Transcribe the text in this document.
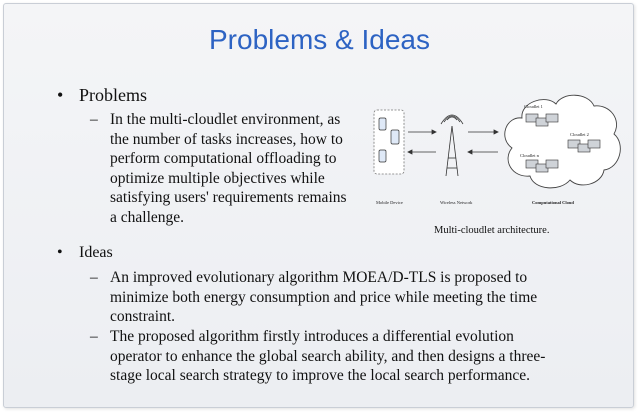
Problems & Ideas
• Problems
– In the multi-cloudlet environment, as
the number of tasks increases, how to
perform computational offloading to
optimize multiple objectives while
satisfying users' requirements remains
a challenge.
Cloudlet 1
Cloudlet 2
Cloudlet n
Mobile Device	Wireless Network	Computational Cloud
Multi-cloudlet architecture.
• Ideas
– An improved evolutionary algorithm MOEA/D-TLS is proposed to
minimize both energy consumption and price while meeting the time
constraint.
– The proposed algorithm firstly introduces a differential evolution
operator to enhance the global search ability, and then designs a three-
stage local search strategy to improve the local search performance.
